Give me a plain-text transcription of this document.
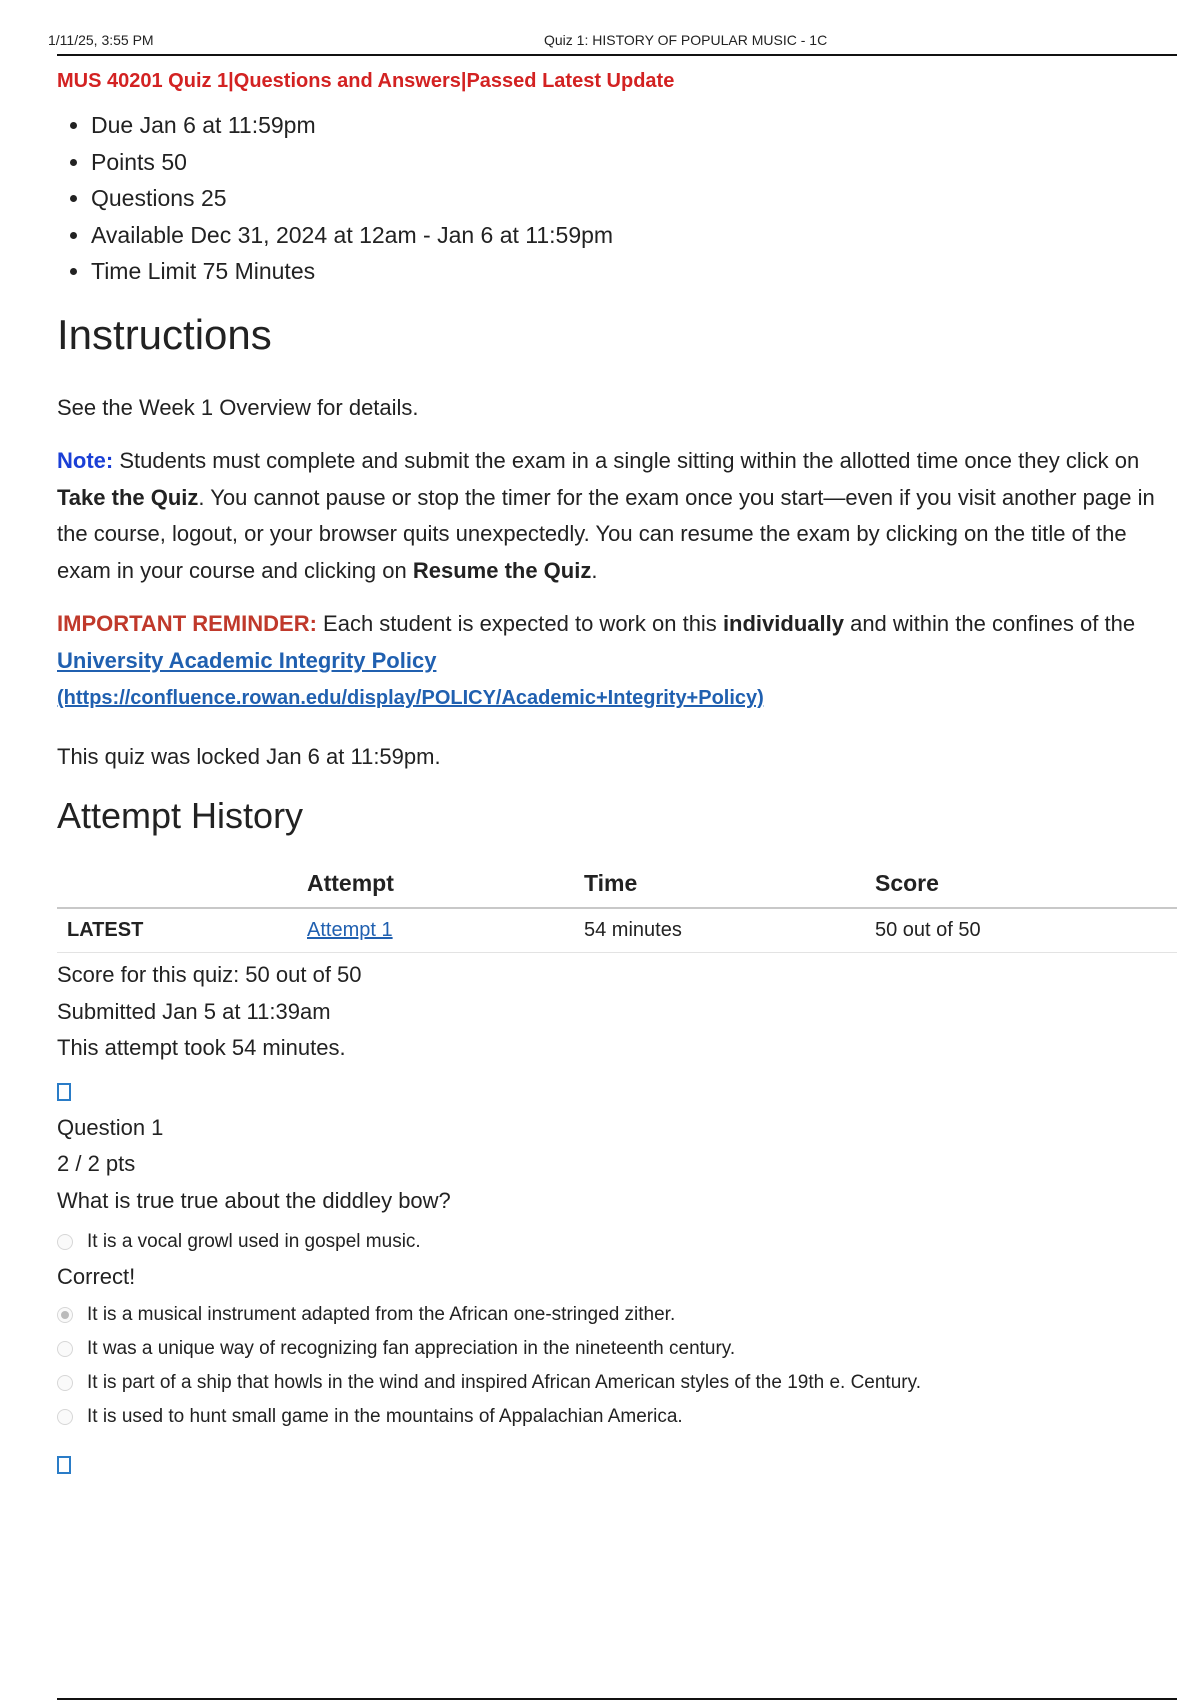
1/11/25, 3:55 PM	Quiz 1: HISTORY OF POPULAR MUSIC - 1C
MUS 40201 Quiz 1|Questions and Answers|Passed Latest Update
• Due Jan 6 at 11:59pm
• Points 50
• Questions 25
• Available Dec 31, 2024 at 12am - Jan 6 at 11:59pm
• Time Limit 75 Minutes
Instructions

See the Week 1 Overview for details.

Note: Students must complete and submit the exam in a single sitting within the allotted time once they click on Take the Quiz. You cannot pause or stop the timer for the exam once you start—even if you visit another page in the course, logout, or your browser quits unexpectedly. You can resume the exam by clicking on the title of the exam in your course and clicking on Resume the Quiz.

IMPORTANT REMINDER: Each student is expected to work on this individually and within the confines of the University Academic Integrity Policy
(https://confluence.rowan.edu/display/POLICY/Academic+Integrity+Policy)

This quiz was locked Jan 6 at 11:59pm.

Attempt History
	Attempt	Time	Score
LATEST	Attempt 1	54 minutes	50 out of 50
Score for this quiz: 50 out of 50
Submitted Jan 5 at 11:39am
This attempt took 54 minutes.
Question 1
2 / 2 pts
What is true true about the diddley bow?
It is a vocal growl used in gospel music.
Correct!
It is a musical instrument adapted from the African one-stringed zither.
It was a unique way of recognizing fan appreciation in the nineteenth century.
It is part of a ship that howls in the wind and inspired African American styles of the 19th e. Century.
It is used to hunt small game in the mountains of Appalachian America.
